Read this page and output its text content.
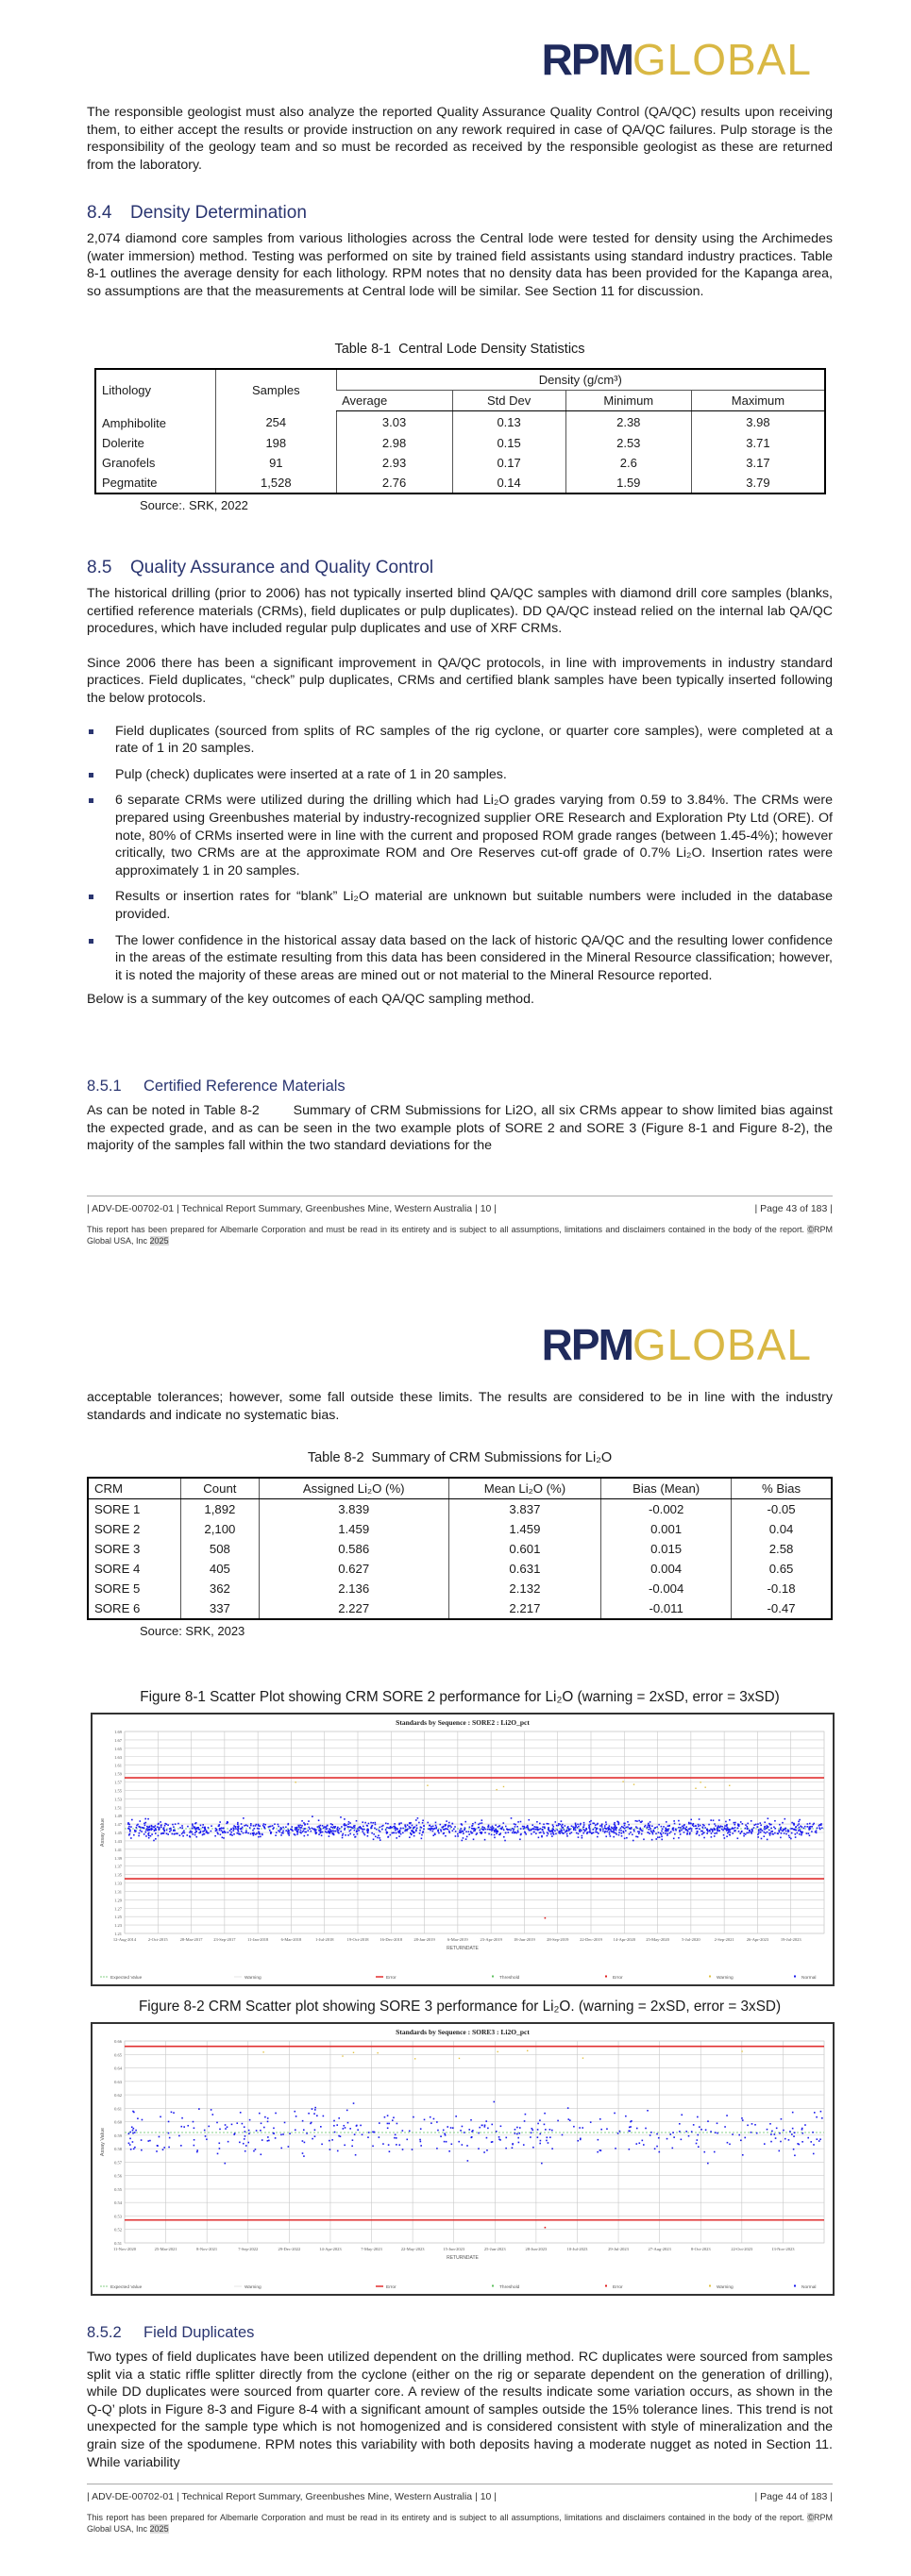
RPMGLOBAL

The responsible geologist must also analyze the reported Quality Assurance Quality Control (QA/QC) results upon receiving them, to either accept the results or provide instruction on any rework required in case of QA/QC failures. Pulp storage is the responsibility of the geology team and so must be recorded as received by the responsible geologist as these are returned from the laboratory.

8.4 Density Determination

2,074 diamond core samples from various lithologies across the Central lode were tested for density using the Archimedes (water immersion) method. Testing was performed on site by trained field assistants using standard industry practices. Table 8-1 outlines the average density for each lithology. RPM notes that no density data has been provided for the Kapanga area, so assumptions are that the measurements at Central lode will be similar. See Section 11 for discussion.

Table 8-1 Central Lode Density Statistics
Lithology	Samples	Density (g/cm³)			
		Average	Std Dev	Minimum	Maximum
Amphibolite	254	3.03	0.13	2.38	3.98
Dolerite	198	2.98	0.15	2.53	3.71
Granofels	91	2.93	0.17	2.6	3.17
Pegmatite	1,528	2.76	0.14	1.59	3.79
Source:. SRK, 2022
8.5 Quality Assurance and Quality Control

The historical drilling (prior to 2006) has not typically inserted blind QA/QC samples with diamond drill core samples (blanks, certified reference materials (CRMs), field duplicates or pulp duplicates). DD QA/QC instead relied on the internal lab QA/QC procedures, which have included regular pulp duplicates and use of XRF CRMs.

Since 2006 there has been a significant improvement in QA/QC protocols, in line with improvements in industry standard practices. Field duplicates, “check” pulp duplicates, CRMs and certified blank samples have been typically inserted following the below protocols.

Field duplicates (sourced from splits of RC samples of the rig cyclone, or quarter core samples), were completed at a rate of 1 in 20 samples.
Pulp (check) duplicates were inserted at a rate of 1 in 20 samples.
6 separate CRMs were utilized during the drilling which had Li₂O grades varying from 0.59 to 3.84%. The CRMs were prepared using Greenbushes material by industry-recognized supplier ORE Research and Exploration Pty Ltd (ORE). Of note, 80% of CRMs inserted were in line with the current and proposed ROM grade ranges (between 1.45-4%); however critically, two CRMs are at the approximate ROM and Ore Reserves cut-off grade of 0.7% Li₂O. Insertion rates were approximately 1 in 20 samples.
Results or insertion rates for “blank” Li₂O material are unknown but suitable numbers were included in the database provided.
The lower confidence in the historical assay data based on the lack of historic QA/QC and the resulting lower confidence in the areas of the estimate resulting from this data has been considered in the Mineral Resource classification; however, it is noted the majority of these areas are mined out or not material to the Mineral Resource reported.

Below is a summary of the key outcomes of each QA/QC sampling method.

8.5.1 Certified Reference Materials

As can be noted in Table 8-2        Summary of CRM Submissions for Li2O, all six CRMs appear to show limited bias against the expected grade, and as can be seen in the two example plots of SORE 2 and SORE 3 (Figure 8-1 and Figure 8-2), the majority of the samples fall within the two standard deviations for the

| ADV-DE-00702-01 | Technical Report Summary, Greenbushes Mine, Western Australia | 10 |	| Page 43 of 183 |
This report has been prepared for Albemarle Corporation and must be read in its entirety and is subject to all assumptions, limitations and disclaimers contained in the body of the report. ©RPM Global USA, Inc 2025
RPMGLOBAL

acceptable tolerances; however, some fall outside these limits. The results are considered to be in line with the industry standards and indicate no systematic bias.

Table 8-2 Summary of CRM Submissions for Li₂O
CRM	Count	Assigned Li₂O (%)	Mean Li₂O (%)	Bias (Mean)	% Bias
SORE 1	1,892	3.839	3.837	-0.002	-0.05
SORE 2	2,100	1.459	1.459	0.001	0.04
SORE 3	508	0.586	0.601	0.015	2.58
SORE 4	405	0.627	0.631	0.004	0.65
SORE 5	362	2.136	2.132	-0.004	-0.18
SORE 6	337	2.227	2.217	-0.011	-0.47
Source: SRK, 2023
Figure 8-1 Scatter Plot showing CRM SORE 2 performance for Li₂O (warning = 2xSD, error = 3xSD)
Standards by Sequence : SORE2 : Li2O_pct
1.69
1.67
1.65
1.63
1.61
1.59
1.57
1.55
1.53
1.51
1.49
1.47
1.45
1.43
1.41
1.39
1.37
1.35
1.33
1.31
1.29
1.27
1.25
1.23
1.21
12-Aug-2014	2-Oct-2015	28-Mar-2017	23-Sep-2017	11-Jan-2018	6-Mar-2018	1-Jul-2018	19-Oct-2018	16-Dec-2018	28-Jan-2019	6-Mar-2019	23-Apr-2019	18-Jun-2019	28-Sep-2019	22-Dec-2019	14-Apr-2020 25-May-2020	5-Jul-2020	2-Sep-2021	26-Apr-2023	19-Jul-2023
Assay Value
RETURNDATE
Expected Value	Warning	Error	Threshold	Error	Warning	Normal
Figure 8-2 CRM Scatter plot showing SORE 3 performance for Li₂O. (warning = 2xSD, error = 3xSD)
Standards by Sequence : SORE3 : Li2O_pct
0.66
0.65
0.64
0.63
0.62
0.61
0.60
0.59
0.58
0.57
0.56
0.55
0.54
0.53
0.52
0.51
11-Nov-2020	25-Mar-2021	8-Nov-2021	7-Sep-2022	29-Dec-2022	14-Apr-2023	7-May-2023	22-May-2023	15-Jun-2023	25-Jun-2023	28-Jun-2023	10-Jul-2023	29-Jul-2023	27-Aug-2023	8-Oct-2023	22-Oct-2023	13-Nov-2023
Assay Value
RETURNDATE
Expected Value	Warning	Error	Threshold	Error	Warning	Normal
8.5.2 Field Duplicates

Two types of field duplicates have been utilized dependent on the drilling method. RC duplicates were sourced from samples split via a static riffle splitter directly from the cyclone (either on the rig or separate dependent on the generation of drilling), while DD duplicates were sourced from quarter core. A review of the results indicate some variation occurs, as shown in the Q-Q’ plots in Figure 8-3 and Figure 8-4 with a significant amount of samples outside the 15% tolerance lines. This trend is not unexpected for the sample type which is not homogenized and is considered consistent with style of mineralization and the grain size of the spodumene. RPM notes this variability with both deposits having a moderate nugget as noted in Section 11. While variability

| ADV-DE-00702-01 | Technical Report Summary, Greenbushes Mine, Western Australia | 10 |	| Page 44 of 183 |
This report has been prepared for Albemarle Corporation and must be read in its entirety and is subject to all assumptions, limitations and disclaimers contained in the body of the report. ©RPM Global USA, Inc 2025
